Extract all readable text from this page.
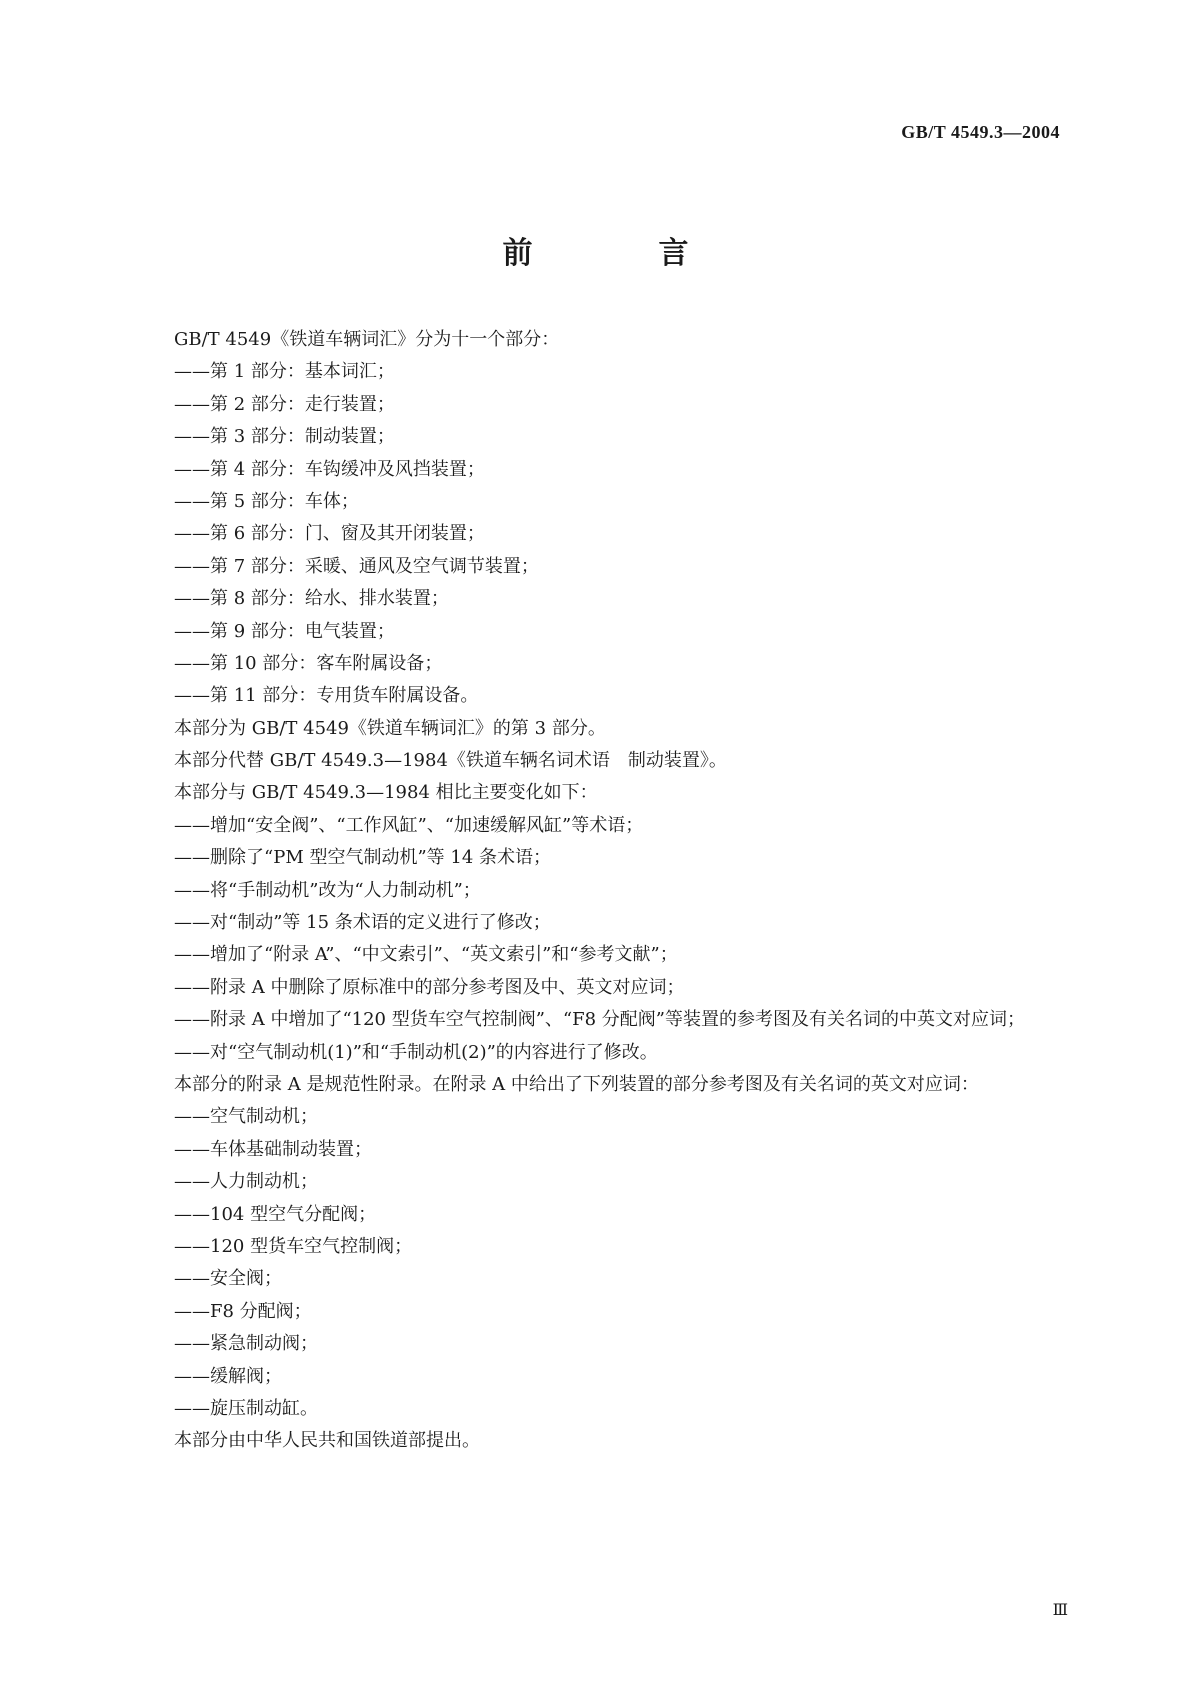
GB/T 4549.3—2004
前　言
GB/T 4549《铁道车辆词汇》分为十一个部分：
——第 1 部分：基本词汇；
——第 2 部分：走行装置；
——第 3 部分：制动装置；
——第 4 部分：车钩缓冲及风挡装置；
——第 5 部分：车体；
——第 6 部分：门、窗及其开闭装置；
——第 7 部分：采暖、通风及空气调节装置；
——第 8 部分：给水、排水装置；
——第 9 部分：电气装置；
——第 10 部分：客车附属设备；
——第 11 部分：专用货车附属设备。
本部分为 GB/T 4549《铁道车辆词汇》的第 3 部分。
本部分代替 GB/T 4549.3—1984《铁道车辆名词术语　制动装置》。
本部分与 GB/T 4549.3—1984 相比主要变化如下：
——增加“安全阀”、“工作风缸”、“加速缓解风缸”等术语；
——删除了“PM 型空气制动机”等 14 条术语；
——将“手制动机”改为“人力制动机”；
——对“制动”等 15 条术语的定义进行了修改；
——增加了“附录 A”、“中文索引”、“英文索引”和“参考文献”；
——附录 A 中删除了原标准中的部分参考图及中、英文对应词；
——附录 A 中增加了“120 型货车空气控制阀”、“F8 分配阀”等装置的参考图及有关名词的中英文对应词；
——对“空气制动机(1)”和“手制动机(2)”的内容进行了修改。
本部分的附录 A 是规范性附录。在附录 A 中给出了下列装置的部分参考图及有关名词的英文对应词：
——空气制动机；
——车体基础制动装置；
——人力制动机；
——104 型空气分配阀；
——120 型货车空气控制阀；
——安全阀；
——F8 分配阀；
——紧急制动阀；
——缓解阀；
——旋压制动缸。
本部分由中华人民共和国铁道部提出。
Ⅲ
